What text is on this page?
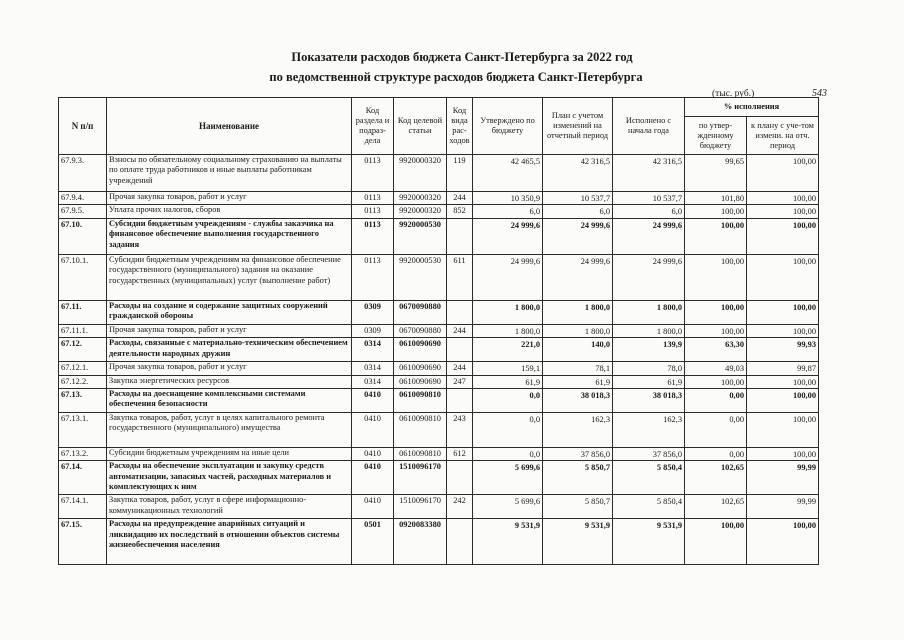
Показатели расходов бюджета Санкт-Петербурга за 2022 год
по ведомственной структуре расходов бюджета Санкт-Петербурга
(тыс. руб.)	543
N п/п	Наименование	Код раздела и подраз-дела	Код целевой статьи	Код вида рас-ходов	Утверждено по бюджету	План с учетом изменений на отчетный период	Исполнено с начала года	% исполнения	
								по утвер-жденному бюджету	к плану с уче-том измени. на отч. период
67.9.3.	Взносы по обязательному социальному страхованию на выплаты по оплате труда работников и иные выплаты работникам учреждений	0113	9920000320	119	42 465,5	42 316,5	42 316,5	99,65	100,00
67.9.4.	Прочая закупка товаров, работ и услуг	0113	9920000320	244	10 350,9	10 537,7	10 537,7	101,80	100,00
67.9.5.	Уплата прочих налогов, сборов	0113	9920000320	852	6,0	6,0	6,0	100,00	100,00
67.10.	Субсидии бюджетным учреждениям - службы заказчика на финансовое обеспечение выполнения государственного задания	0113	9920000530		24 999,6	24 999,6	24 999,6	100,00	100,00
67.10.1.	Субсидии бюджетным учреждениям на финансовое обеспечение государственного (муниципального) задания на оказание государственных (муниципальных) услуг (выполнение работ)	0113	9920000530	611	24 999,6	24 999,6	24 999,6	100,00	100,00
67.11.	Расходы на создание и содержание защитных сооружений гражданской обороны	0309	0670090880		1 800,0	1 800,0	1 800,0	100,00	100,00
67.11.1.	Прочая закупка товаров, работ и услуг	0309	0670090880	244	1 800,0	1 800,0	1 800,0	100,00	100,00
67.12.	Расходы, связанные с материально-техническим обеспечением деятельности народных дружин	0314	0610090690		221,0	140,0	139,9	63,30	99,93
67.12.1.	Прочая закупка товаров, работ и услуг	0314	0610090690	244	159,1	78,1	78,0	49,03	99,87
67.12.2.	Закупка энергетических ресурсов	0314	0610090690	247	61,9	61,9	61,9	100,00	100,00
67.13.	Расходы на доеснащение комплексными системами обеспечения безопасности	0410	0610090810		0,0	38 018,3	38 018,3	0,00	100,00
67.13.1.	Закупка товаров, работ, услуг в целях капитального ремонта государственного (муниципального) имущества	0410	0610090810	243	0,0	162,3	162,3	0,00	100,00
67.13.2.	Субсидии бюджетным учреждениям на иные цели	0410	0610090810	612	0,0	37 856,0	37 856,0	0,00	100,00
67.14.	Расходы на обеспечение эксплуатации и закупку средств автоматизации, запасных частей, расходных материалов и комплектующих к ним	0410	1510096170		5 699,6	5 850,7	5 850,4	102,65	99,99
67.14.1.	Закупка товаров, работ, услуг в сфере информационно-коммуникационных технологий	0410	1510096170	242	5 699,6	5 850,7	5 850,4	102,65	99,99
67.15.	Расходы на предупреждение аварийных ситуаций и ликвидацию их последствий в отношении объектов системы жизнеобеспечения населения	0501	0920083380		9 531,9	9 531,9	9 531,9	100,00	100,00
